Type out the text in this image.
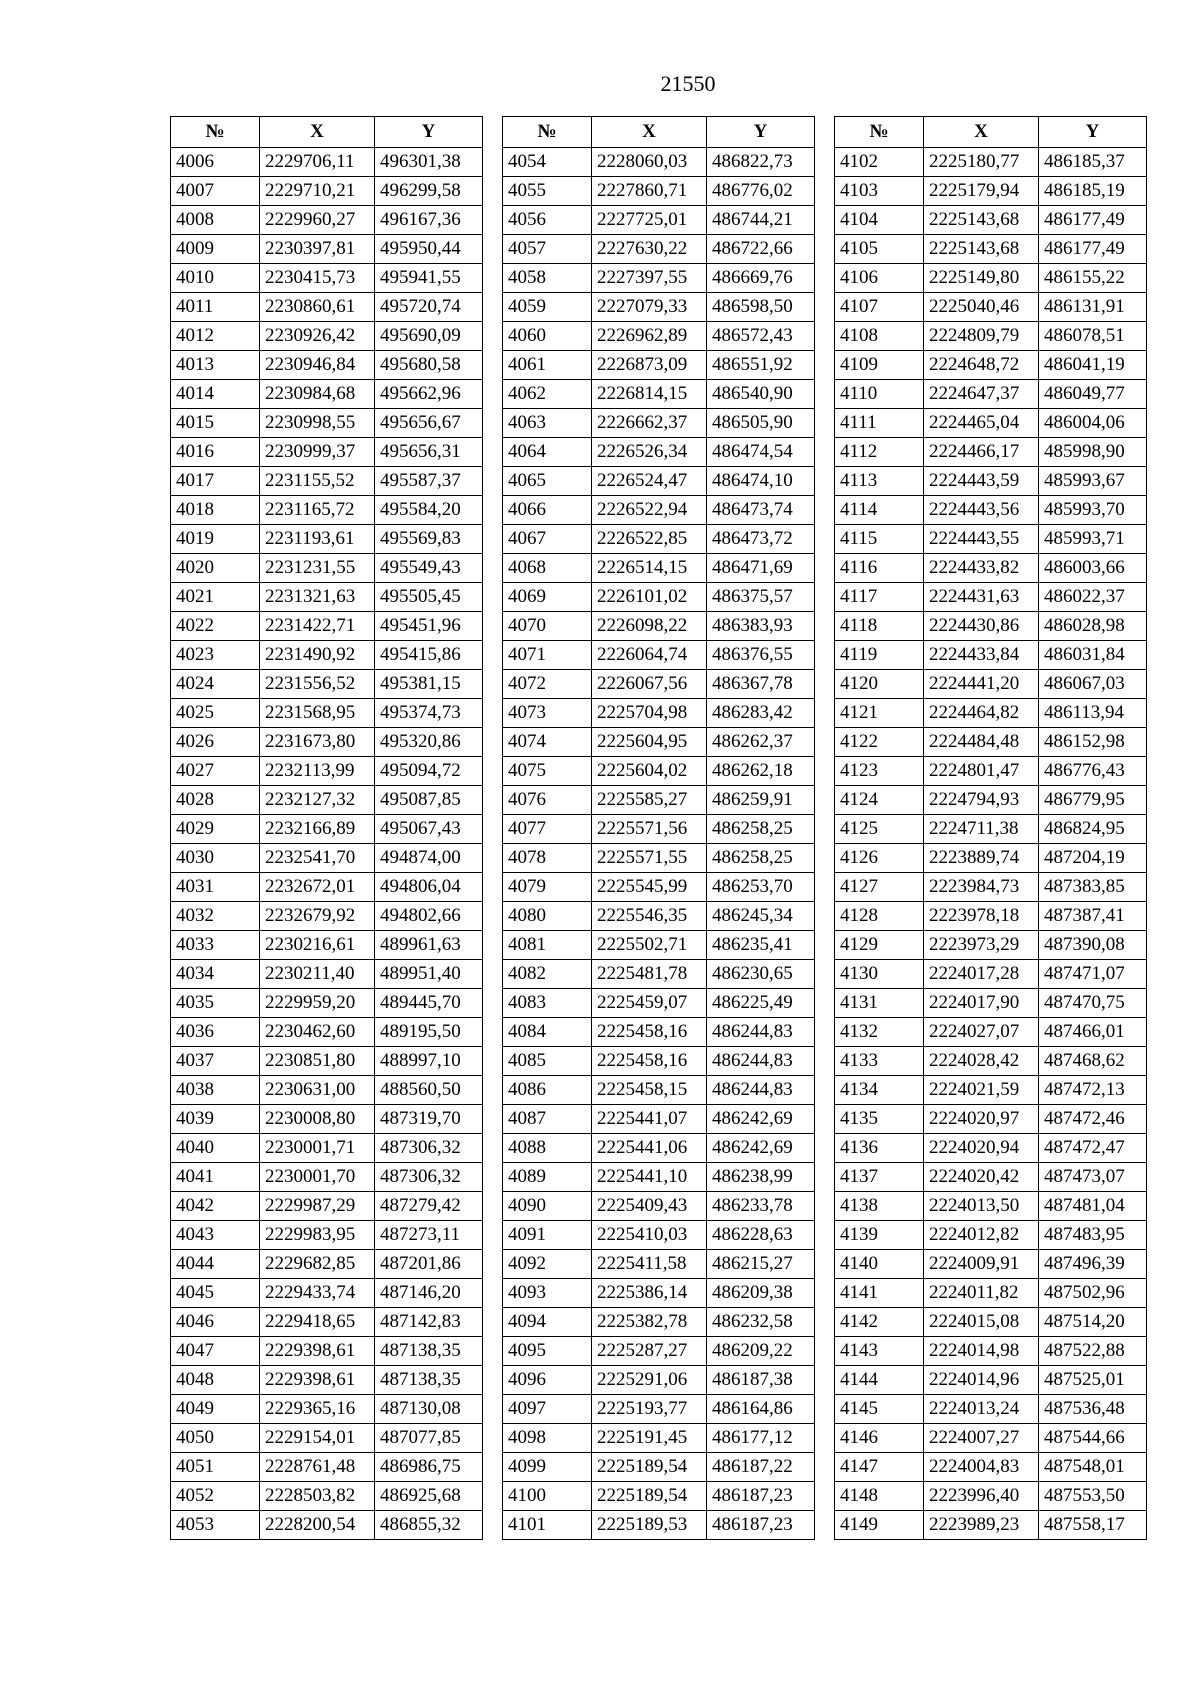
21550
№	X	Y
4006	2229706,11	496301,38
4007	2229710,21	496299,58
4008	2229960,27	496167,36
4009	2230397,81	495950,44
4010	2230415,73	495941,55
4011	2230860,61	495720,74
4012	2230926,42	495690,09
4013	2230946,84	495680,58
4014	2230984,68	495662,96
4015	2230998,55	495656,67
4016	2230999,37	495656,31
4017	2231155,52	495587,37
4018	2231165,72	495584,20
4019	2231193,61	495569,83
4020	2231231,55	495549,43
4021	2231321,63	495505,45
4022	2231422,71	495451,96
4023	2231490,92	495415,86
4024	2231556,52	495381,15
4025	2231568,95	495374,73
4026	2231673,80	495320,86
4027	2232113,99	495094,72
4028	2232127,32	495087,85
4029	2232166,89	495067,43
4030	2232541,70	494874,00
4031	2232672,01	494806,04
4032	2232679,92	494802,66
4033	2230216,61	489961,63
4034	2230211,40	489951,40
4035	2229959,20	489445,70
4036	2230462,60	489195,50
4037	2230851,80	488997,10
4038	2230631,00	488560,50
4039	2230008,80	487319,70
4040	2230001,71	487306,32
4041	2230001,70	487306,32
4042	2229987,29	487279,42
4043	2229983,95	487273,11
4044	2229682,85	487201,86
4045	2229433,74	487146,20
4046	2229418,65	487142,83
4047	2229398,61	487138,35
4048	2229398,61	487138,35
4049	2229365,16	487130,08
4050	2229154,01	487077,85
4051	2228761,48	486986,75
4052	2228503,82	486925,68
4053	2228200,54	486855,32
№	X	Y
4054	2228060,03	486822,73
4055	2227860,71	486776,02
4056	2227725,01	486744,21
4057	2227630,22	486722,66
4058	2227397,55	486669,76
4059	2227079,33	486598,50
4060	2226962,89	486572,43
4061	2226873,09	486551,92
4062	2226814,15	486540,90
4063	2226662,37	486505,90
4064	2226526,34	486474,54
4065	2226524,47	486474,10
4066	2226522,94	486473,74
4067	2226522,85	486473,72
4068	2226514,15	486471,69
4069	2226101,02	486375,57
4070	2226098,22	486383,93
4071	2226064,74	486376,55
4072	2226067,56	486367,78
4073	2225704,98	486283,42
4074	2225604,95	486262,37
4075	2225604,02	486262,18
4076	2225585,27	486259,91
4077	2225571,56	486258,25
4078	2225571,55	486258,25
4079	2225545,99	486253,70
4080	2225546,35	486245,34
4081	2225502,71	486235,41
4082	2225481,78	486230,65
4083	2225459,07	486225,49
4084	2225458,16	486244,83
4085	2225458,16	486244,83
4086	2225458,15	486244,83
4087	2225441,07	486242,69
4088	2225441,06	486242,69
4089	2225441,10	486238,99
4090	2225409,43	486233,78
4091	2225410,03	486228,63
4092	2225411,58	486215,27
4093	2225386,14	486209,38
4094	2225382,78	486232,58
4095	2225287,27	486209,22
4096	2225291,06	486187,38
4097	2225193,77	486164,86
4098	2225191,45	486177,12
4099	2225189,54	486187,22
4100	2225189,54	486187,23
4101	2225189,53	486187,23
№	X	Y
4102	2225180,77	486185,37
4103	2225179,94	486185,19
4104	2225143,68	486177,49
4105	2225143,68	486177,49
4106	2225149,80	486155,22
4107	2225040,46	486131,91
4108	2224809,79	486078,51
4109	2224648,72	486041,19
4110	2224647,37	486049,77
4111	2224465,04	486004,06
4112	2224466,17	485998,90
4113	2224443,59	485993,67
4114	2224443,56	485993,70
4115	2224443,55	485993,71
4116	2224433,82	486003,66
4117	2224431,63	486022,37
4118	2224430,86	486028,98
4119	2224433,84	486031,84
4120	2224441,20	486067,03
4121	2224464,82	486113,94
4122	2224484,48	486152,98
4123	2224801,47	486776,43
4124	2224794,93	486779,95
4125	2224711,38	486824,95
4126	2223889,74	487204,19
4127	2223984,73	487383,85
4128	2223978,18	487387,41
4129	2223973,29	487390,08
4130	2224017,28	487471,07
4131	2224017,90	487470,75
4132	2224027,07	487466,01
4133	2224028,42	487468,62
4134	2224021,59	487472,13
4135	2224020,97	487472,46
4136	2224020,94	487472,47
4137	2224020,42	487473,07
4138	2224013,50	487481,04
4139	2224012,82	487483,95
4140	2224009,91	487496,39
4141	2224011,82	487502,96
4142	2224015,08	487514,20
4143	2224014,98	487522,88
4144	2224014,96	487525,01
4145	2224013,24	487536,48
4146	2224007,27	487544,66
4147	2224004,83	487548,01
4148	2223996,40	487553,50
4149	2223989,23	487558,17
